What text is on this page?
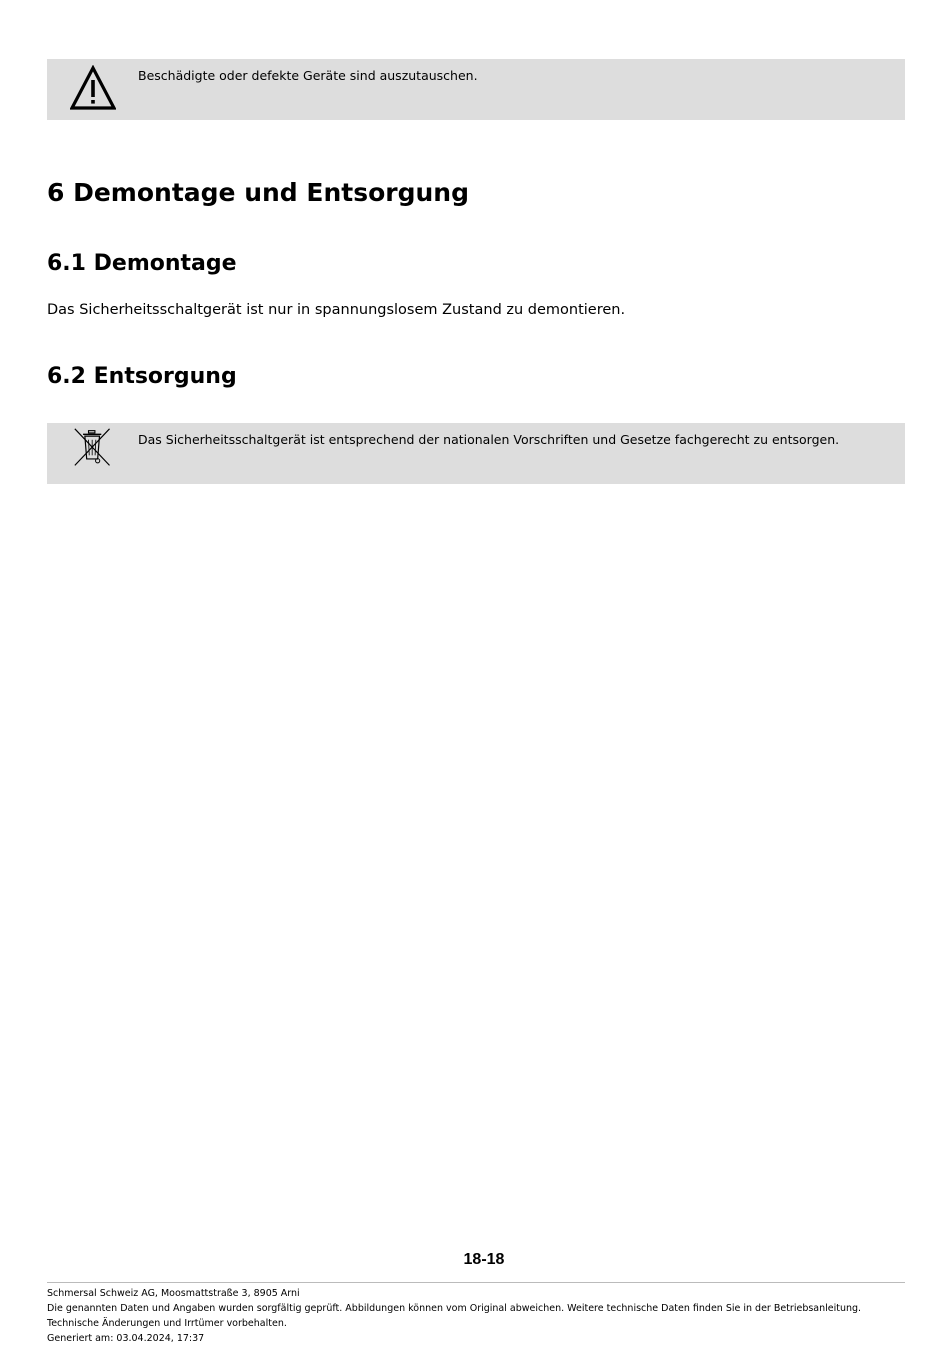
Beschädigte oder defekte Geräte sind auszutauschen.
6 Demontage und Entsorgung
6.1 Demontage

Das Sicherheitsschaltgerät ist nur in spannungslosem Zustand zu demontieren.

6.2 Entsorgung
Das Sicherheitsschaltgerät ist entsprechend der nationalen Vorschriften und Gesetze fachgerecht zu entsorgen.
18-18
Schmersal Schweiz AG, Moosmattstraße 3, 8905 Arni
Die genannten Daten und Angaben wurden sorgfältig geprüft. Abbildungen können vom Original abweichen. Weitere technische Daten finden Sie in der Betriebsanleitung.
Technische Änderungen und Irrtümer vorbehalten.
Generiert am: 03.04.2024, 17:37
